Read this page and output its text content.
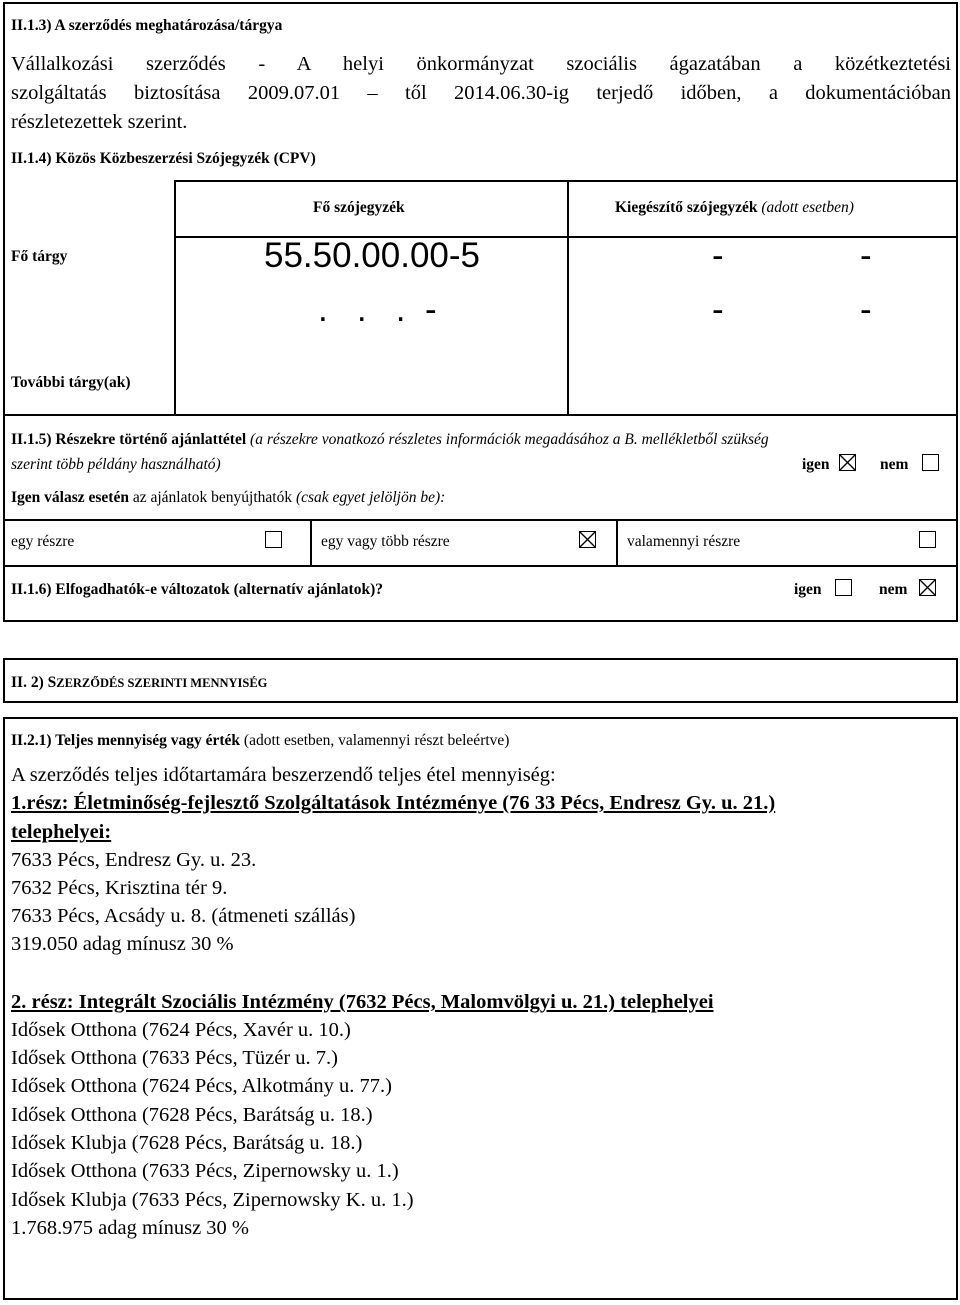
II.1.3) A szerződés meghatározása/tárgya
Vállalkozási szerződés - A helyi önkormányzat szociális ágazatában a közétkeztetési
szolgáltatás biztosítása 2009.07.01 – től 2014.06.30-ig terjedő időben, a dokumentációban
részletezettek szerint.
II.1.4) Közös Közbeszerzési Szójegyzék (CPV)
Fő szójegyzék	Kiegészítő szójegyzék (adott esetben)
Fő tárgy	55.50.00.00-5	-	-
.   .   .  -	-	-
További tárgy(ak)
II.1.5) Részekre történő ajánlattétel (a részekre vonatkozó részletes információk megadásához a B. mellékletből szükség
szerint több példány használható)	igen	nem
Igen válasz esetén az ajánlatok benyújthatók (csak egyet jelöljön be):
egy részre	egy vagy több részre	valamennyi részre
II.1.6) Elfogadhatók-e változatok (alternatív ajánlatok)?	igen	nem
II. 2) SZERZŐDÉS SZERINTI MENNYISÉG
II.2.1) Teljes mennyiség vagy érték (adott esetben, valamennyi részt beleértve)
A szerződés teljes időtartamára beszerzendő teljes étel mennyiség:
1.rész: Életminőség-fejlesztő Szolgáltatások Intézménye (76 33 Pécs, Endresz Gy. u. 21.)
telephelyei:
7633 Pécs, Endresz Gy. u. 23.
7632 Pécs, Krisztina tér 9.
7633 Pécs, Acsády u. 8. (átmeneti szállás)
319.050 adag mínusz 30 %
2. rész: Integrált Szociális Intézmény (7632 Pécs, Malomvölgyi u. 21.) telephelyei
Idősek Otthona (7624 Pécs, Xavér u. 10.)
Idősek Otthona (7633 Pécs, Tüzér u. 7.)
Idősek Otthona (7624 Pécs, Alkotmány u. 77.)
Idősek Otthona (7628 Pécs, Barátság u. 18.)
Idősek Klubja (7628 Pécs, Barátság u. 18.)
Idősek Otthona (7633 Pécs, Zipernowsky u. 1.)
Idősek Klubja (7633 Pécs, Zipernowsky K. u. 1.)
1.768.975 adag mínusz 30 %
